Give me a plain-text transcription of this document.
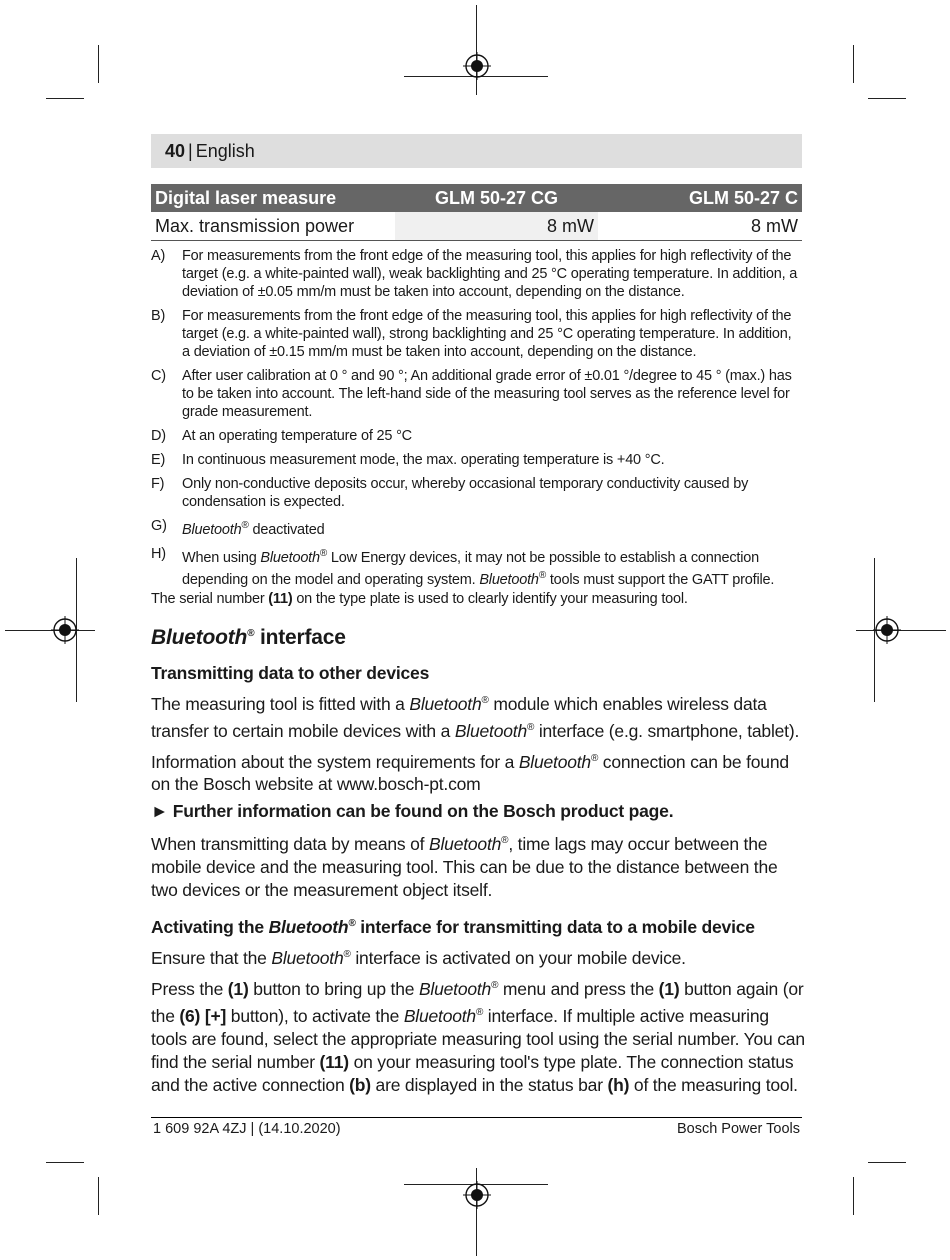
40 | English
Digital laser measure	GLM 50-27 CG	GLM 50-27 C
Max. transmission power	8 mW	8 mW
A)	For measurements from the front edge of the measuring tool, this applies for high reflectivity of the target (e.g. a white-painted wall), weak backlighting and 25 °C operating temperature. In addition, a deviation of ±0.05 mm/m must be taken into account, depending on the distance.
B)	For measurements from the front edge of the measuring tool, this applies for high reflectivity of the target (e.g. a white-painted wall), strong backlighting and 25 °C operating temperature. In addition, a deviation of ±0.15 mm/m must be taken into account, depending on the distance.
C)	After user calibration at 0 ° and 90 °; An additional grade error of ±0.01 °/degree to 45 ° (max.) has to be taken into account. The left-hand side of the measuring tool serves as the reference level for grade measurement.
D)	At an operating temperature of 25 °C
E)	In continuous measurement mode, the max. operating temperature is +40 °C.
F)	Only non-conductive deposits occur, whereby occasional temporary conductivity caused by condensation is expected.
G)	Bluetooth® deactivated
H)	When using Bluetooth® Low Energy devices, it may not be possible to establish a connection depending on the model and operating system. Bluetooth® tools must support the GATT profile.
The serial number (11) on the type plate is used to clearly identify your measuring tool.
Bluetooth® interface
Transmitting data to other devices

The measuring tool is fitted with a Bluetooth® module which enables wireless data transfer to certain mobile devices with a Bluetooth® interface (e.g. smartphone, tablet).

Information about the system requirements for a Bluetooth® connection can be found on the Bosch website at www.bosch-pt.com

► Further information can be found on the Bosch product page.

When transmitting data by means of Bluetooth®, time lags may occur between the mobile device and the measuring tool. This can be due to the distance between the two devices or the measurement object itself.

Activating the Bluetooth® interface for transmitting data to a mobile device

Ensure that the Bluetooth® interface is activated on your mobile device.

Press the (1) button to bring up the Bluetooth® menu and press the (1) button again (or the (6) [+] button), to activate the Bluetooth® interface. If multiple active measuring tools are found, select the appropriate measuring tool using the serial number. You can find the serial number (11) on your measuring tool's type plate. The connection status and the active connection (b) are displayed in the status bar (h) of the measuring tool.

1 609 92A 4ZJ | (14.10.2020)	Bosch Power Tools
